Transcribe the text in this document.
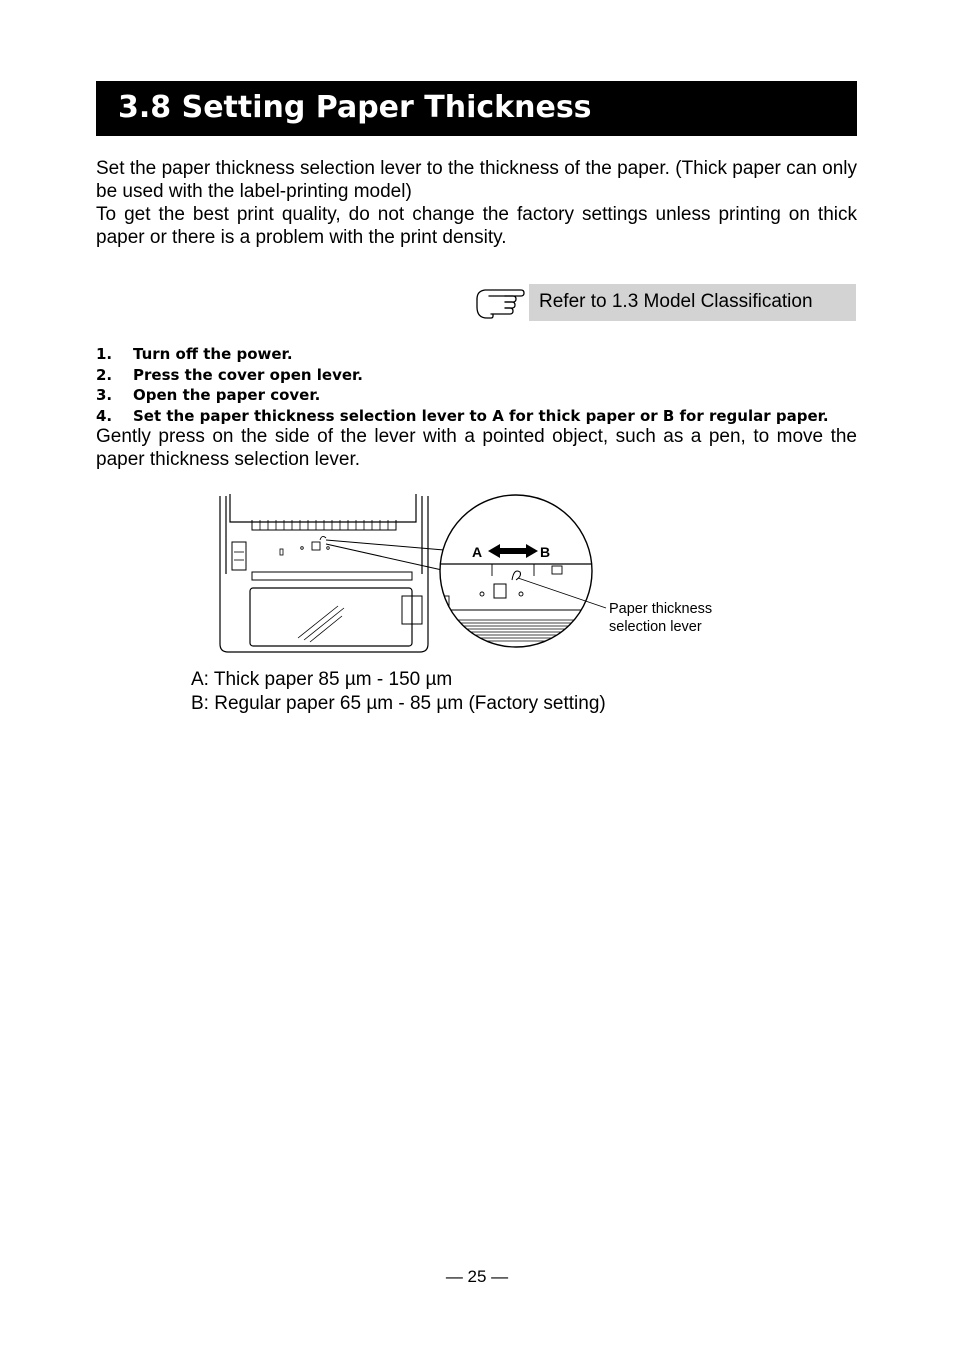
3.8 Setting Paper Thickness

Set the paper thickness selection lever to the thickness of the paper. (Thick paper can only be used with the label-printing model)

To get the best print quality, do not change the factory settings unless printing on thick paper or there is a problem with the print density.

Refer to 1.3 Model Classification
1. Turn off the power.
2. Press the cover open lever.
3. Open the paper cover.
4. Set the paper thickness selection lever to A for thick paper or B for regular paper.

Gently press on the side of the lever with a pointed object, such as a pen, to move the paper thickness selection lever.

A	B
Paper thickness
selection lever
A: Thick paper 85 µm - 150 µm
B: Regular paper 65 µm - 85 µm (Factory setting)
— 25 —
